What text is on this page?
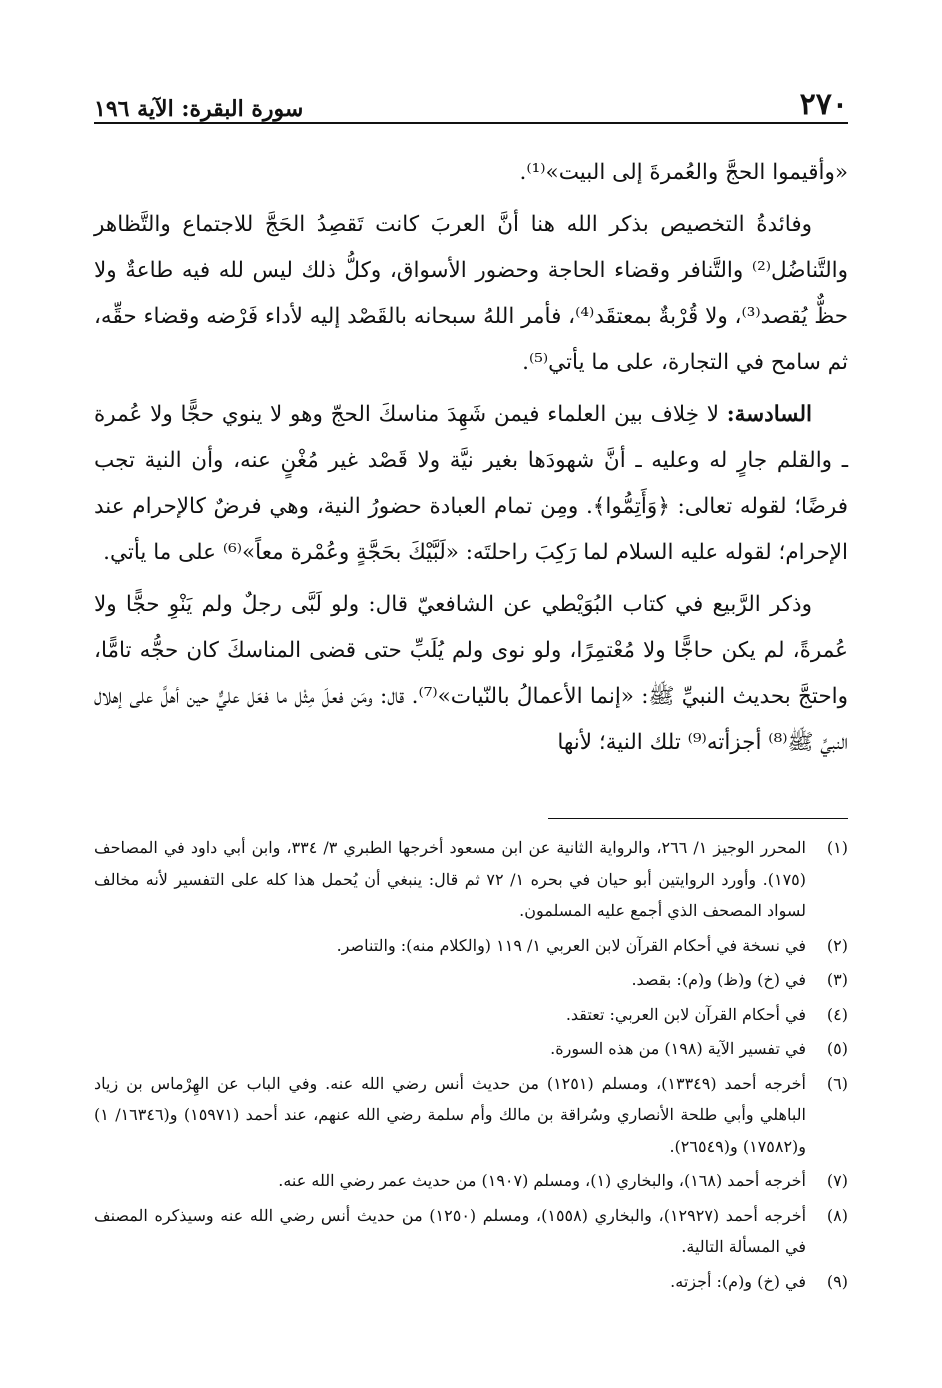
٢٧٠
سورة البقرة: الآية ١٩٦

«وأقيموا الحجَّ والعُمرةَ إلى البيت»⁽¹⁾.

وفائدةُ التخصيص بذكر الله هنا أنَّ العربَ كانت تَقصِدُ الحَجَّ للاجتماع والتَّظاهر والتَّناضُل⁽²⁾ والتَّنافر وقضاء الحاجة وحضور الأسواق، وكلُّ ذلك ليس لله فيه طاعةٌ ولا حظٌّ يُقصد⁽³⁾، ولا قُرْبةٌ بمعتقَد⁽⁴⁾، فأمر اللهُ سبحانه بالقَصْد إليه لأداء فَرْضه وقضاء حقِّه، ثم سامح في التجارة، على ما يأتي⁽⁵⁾.

السادسة: لا خِلاف بين العلماء فيمن شَهِدَ مناسكَ الحجّ وهو لا ينوي حجًّا ولا عُمرة ـ والقلم جارٍ له وعليه ـ أنَّ شهودَها بغير نيَّة ولا قَصْد غير مُغْنٍ عنه، وأن النية تجب فرضًا؛ لقوله تعالى: ﴿وَأَتِمُّوا﴾. ومِن تمام العبادة حضورُ النية، وهي فرضٌ كالإحرام عند الإحرام؛ لقوله عليه السلام لما رَكِبَ راحلتَه: «لَبَّيْكَ بحَجَّةٍ وعُمْرة معاً»⁽⁶⁾ على ما يأتي.

وذكر الرَّبيع في كتاب البُوَيْطي عن الشافعيّ قال: ولو لَبَّى رجلٌ ولم يَنْوِ حجًّا ولا عُمرةً، لم يكن حاجًّا ولا مُعْتمِرًا، ولو نوى ولم يُلَبِّ حتى قضى المناسكَ كان حجُّه تامًّا، واحتجَّ بحديث النبيِّ ﷺ: «إنما الأعمالُ بالنّيات»⁽⁷⁾. قال: ومَن فعلَ مِثْل ما فعَل عليٌّ حين أهلَّ على إهلال النبيِّ ﷺ⁽⁸⁾ أجزأته⁽⁹⁾ تلك النية؛ لأنها

(١)
المحرر الوجيز ١/ ٢٦٦، والرواية الثانية عن ابن مسعود أخرجها الطبري ٣/ ٣٣٤، وابن أبي داود في المصاحف (١٧٥). وأورد الروايتين أبو حيان في بحره ١/ ٧٢ ثم قال: ينبغي أن يُحمل هذا كله على التفسير لأنه مخالف لسواد المصحف الذي أجمع عليه المسلمون.
(٢)
في نسخة في أحكام القرآن لابن العربي ١/ ١١٩ (والكلام منه): والتناصر.
(٣)
في (خ) و(ظ) و(م): بقصد.
(٤)
في أحكام القرآن لابن العربي: تعتقد.
(٥)
في تفسير الآية (١٩٨) من هذه السورة.
(٦)
أخرجه أحمد (١٣٣٤٩)، ومسلم (١٢٥١) من حديث أنس رضي الله عنه. وفي الباب عن الهِرْماس بن زياد الباهلي وأبي طلحة الأنصاري وسُراقة بن مالك وأم سلمة رضي الله عنهم، عند أحمد (١٥٩٧١) و(١٦٣٤٦/ ١) و(١٧٥٨٢) و(٢٦٥٤٩).
(٧)
أخرجه أحمد (١٦٨)، والبخاري (١)، ومسلم (١٩٠٧) من حديث عمر رضي الله عنه.
(٨)
أخرجه أحمد (١٢٩٢٧)، والبخاري (١٥٥٨)، ومسلم (١٢٥٠) من حديث أنس رضي الله عنه وسيذكره المصنف في المسألة التالية.
(٩)
في (خ) و(م): أجزته.
